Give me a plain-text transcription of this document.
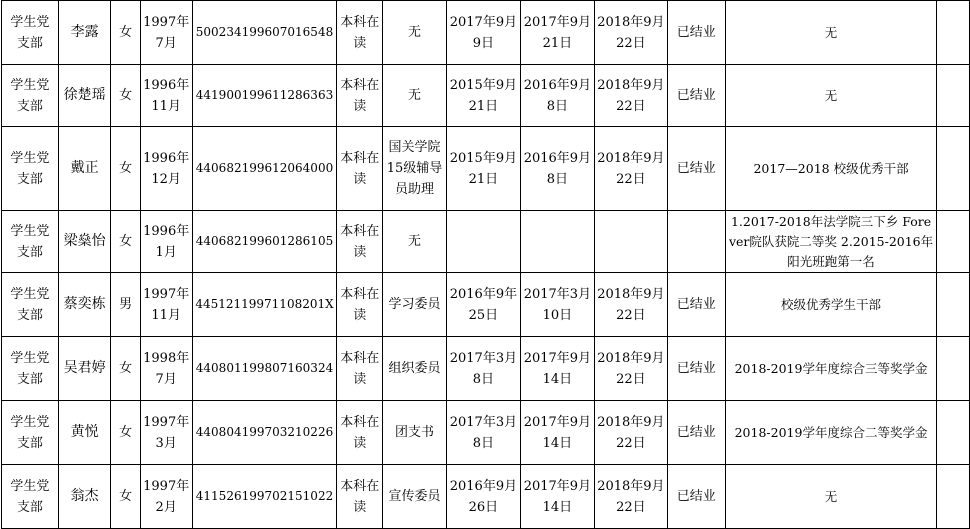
学生党支部	李露	女	1997年7月	500234199607016548	本科在读	无	2017年9月9日	2017年9月21日	2018年9月22日	已结业	无	
学生党支部	徐楚瑶	女	1996年11月	441900199611286363	本科在读	无	2015年9月21日	2016年9月8日	2018年9月22日	已结业	无	
学生党支部	戴正	女	1996年12月	440682199612064000	本科在读	国关学院15级辅导员助理	2015年9月21日	2016年9月8日	2018年9月22日	已结业	2017—2018 校级优秀干部	
学生党支部	梁燊怡	女	1996年1月	440682199601286105	本科在读	无					1.2017-2018年法学院三下乡 Forever院队获院二等奖 2.2015-2016年阳光班跑第一名	
学生党支部	蔡奕栋	男	1997年11月	44512119971108201X	本科在读	学习委员	2016年9年25日	2017年3月10日	2018年9月22日	已结业	校级优秀学生干部	
学生党支部	吴君婷	女	1998年7月	440801199807160324	本科在读	组织委员	2017年3月8日	2017年9月14日	2018年9月22日	已结业	2018-2019学年度综合三等奖学金	
学生党支部	黄悦	女	1997年3月	440804199703210226	本科在读	团支书	2017年3月8日	2017年9月14日	2018年9月22日	已结业	2018-2019学年度综合二等奖学金	
学生党支部	翁杰	女	1997年2月	411526199702151022	本科在读	宣传委员	2016年9月26日	2017年9月14日	2018年9月22日	已结业	无	
